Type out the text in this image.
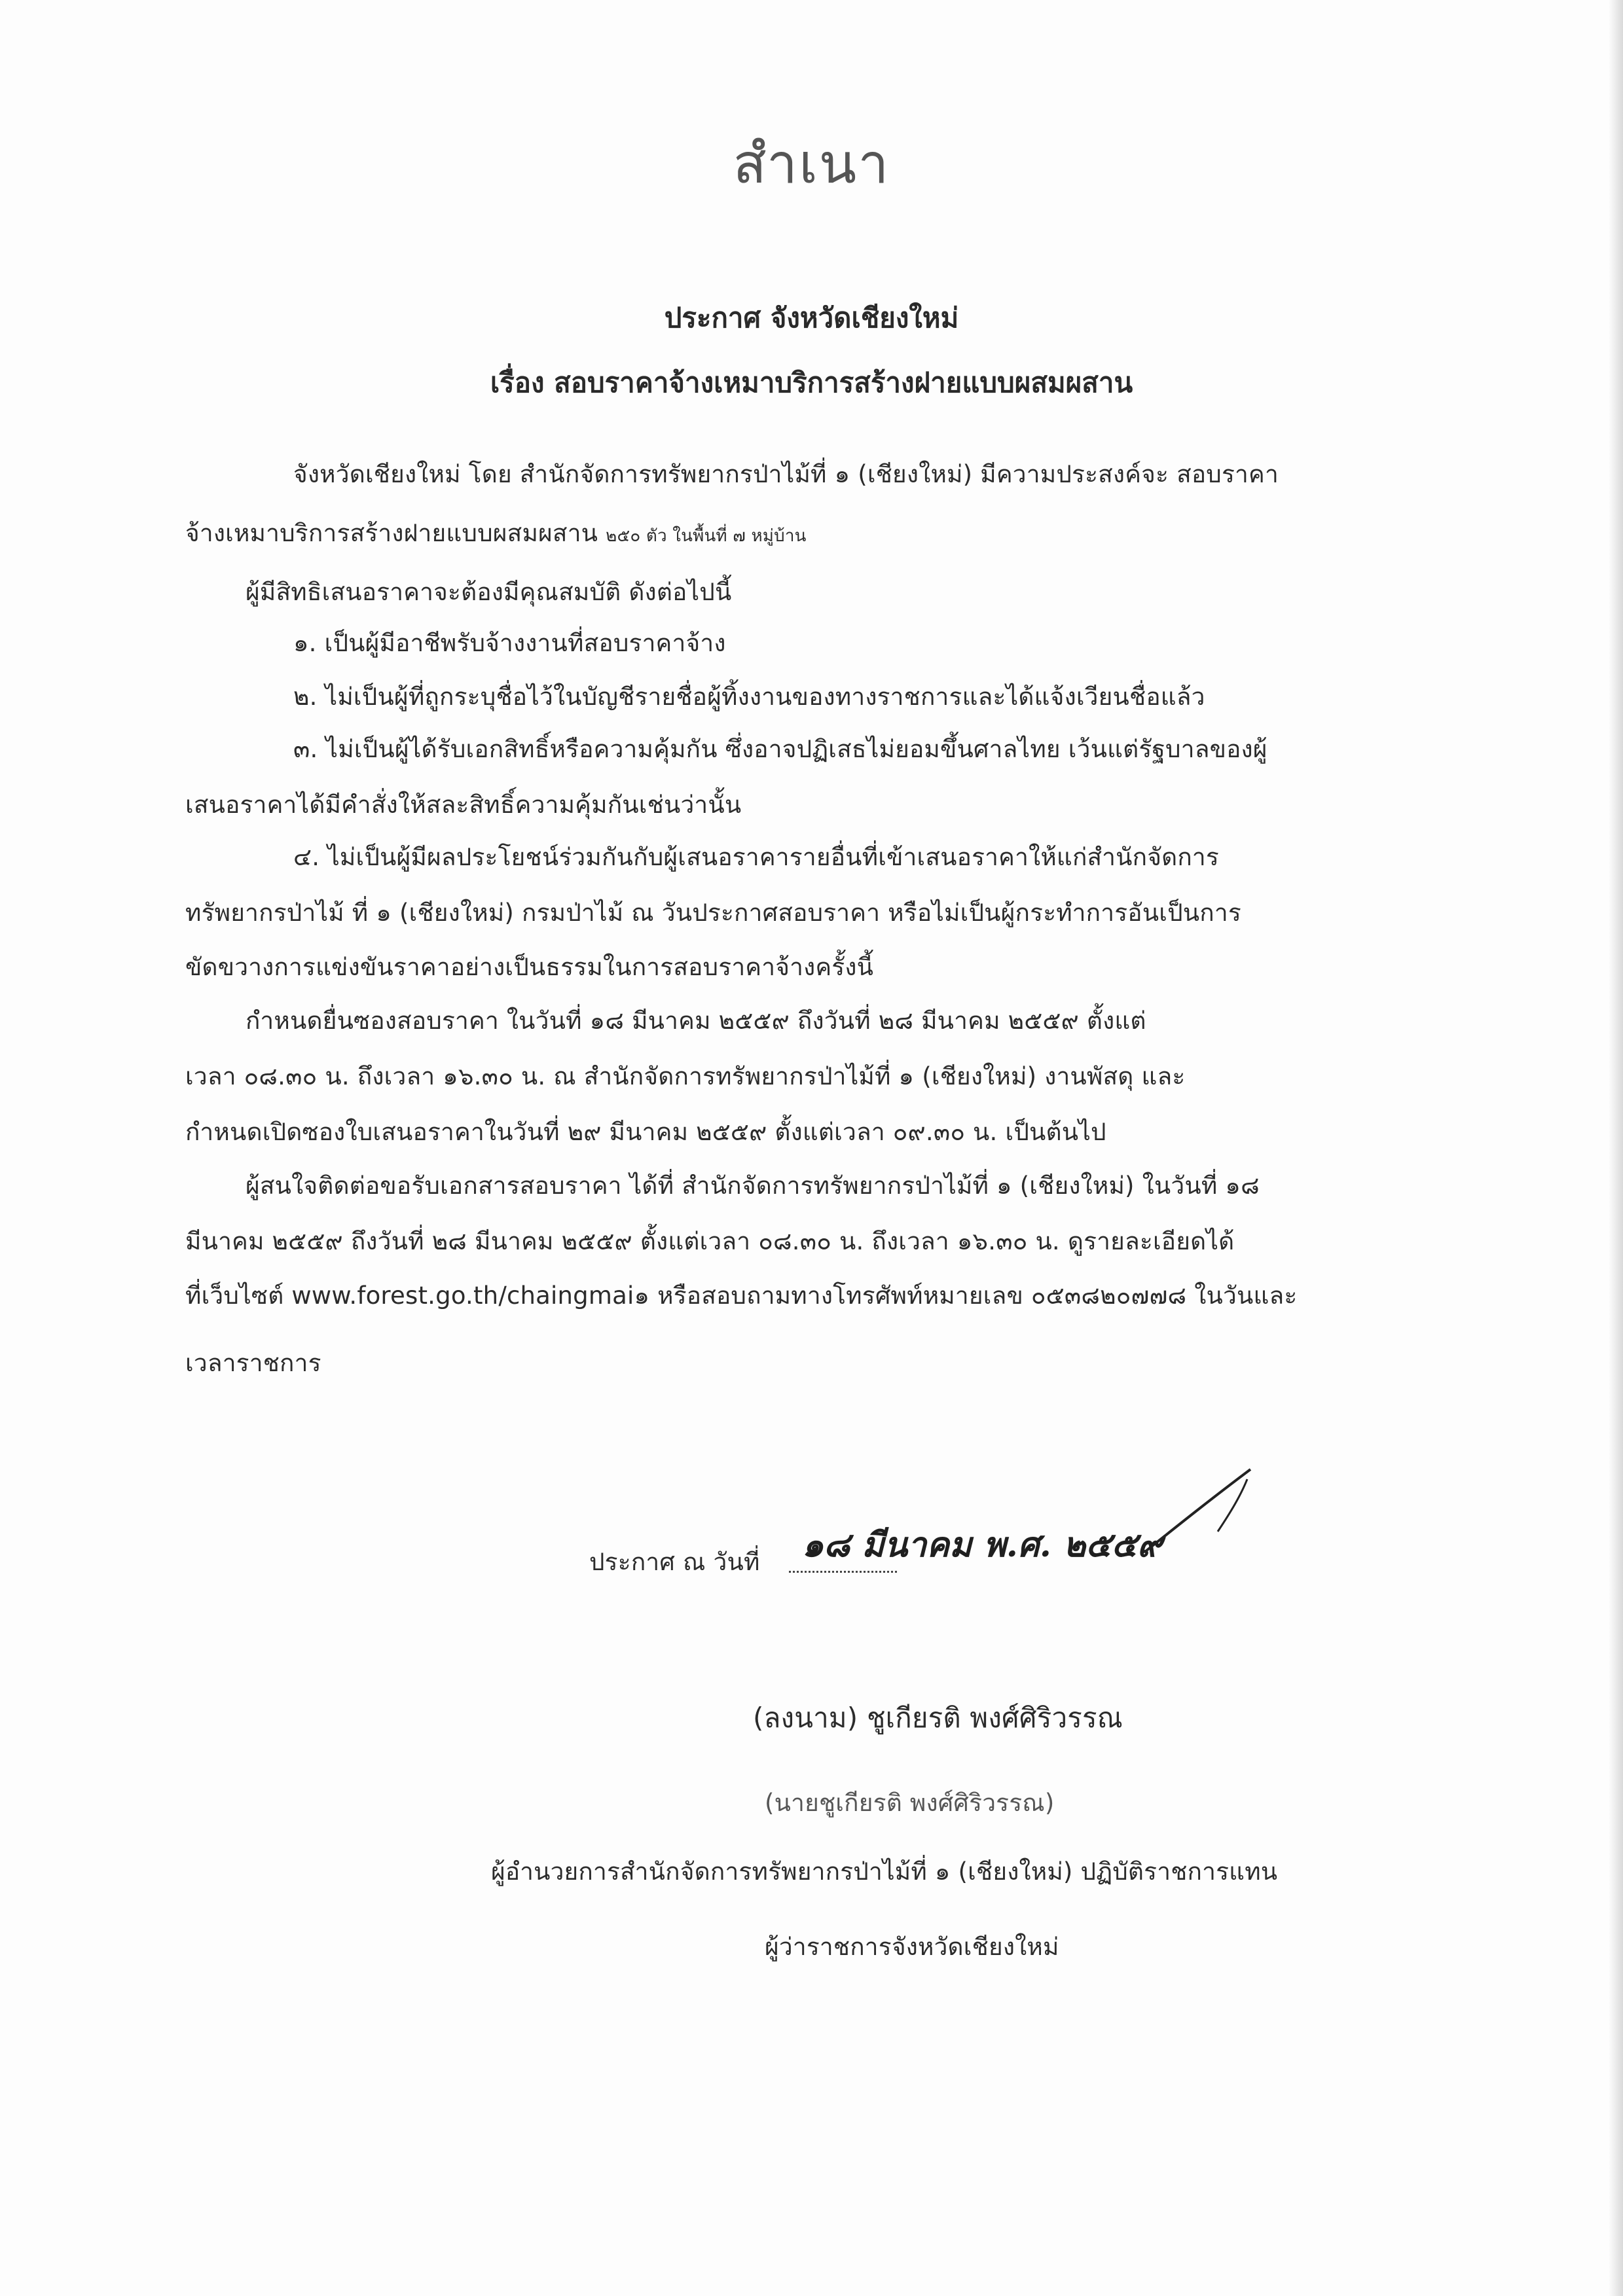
สำเนา
ประกาศ จังหวัดเชียงใหม่
เรื่อง สอบราคาจ้างเหมาบริการสร้างฝายแบบผสมผสาน
จังหวัดเชียงใหม่ โดย สำนักจัดการทรัพยากรป่าไม้ที่ ๑ (เชียงใหม่) มีความประสงค์จะ สอบราคา
จ้างเหมาบริการสร้างฝายแบบผสมผสาน ๒๕๐ ตัว ในพื้นที่ ๗ หมู่บ้าน
ผู้มีสิทธิเสนอราคาจะต้องมีคุณสมบัติ ดังต่อไปนี้
๑. เป็นผู้มีอาชีพรับจ้างงานที่สอบราคาจ้าง
๒. ไม่เป็นผู้ที่ถูกระบุชื่อไว้ในบัญชีรายชื่อผู้ทิ้งงานของทางราชการและได้แจ้งเวียนชื่อแล้ว
๓. ไม่เป็นผู้ได้รับเอกสิทธิ์หรือความคุ้มกัน ซึ่งอาจปฏิเสธไม่ยอมขึ้นศาลไทย เว้นแต่รัฐบาลของผู้
เสนอราคาได้มีคำสั่งให้สละสิทธิ์ความคุ้มกันเช่นว่านั้น
๔. ไม่เป็นผู้มีผลประโยชน์ร่วมกันกับผู้เสนอราคารายอื่นที่เข้าเสนอราคาให้แก่สำนักจัดการ
ทรัพยากรป่าไม้ ที่ ๑ (เชียงใหม่) กรมป่าไม้ ณ วันประกาศสอบราคา หรือไม่เป็นผู้กระทำการอันเป็นการ
ขัดขวางการแข่งขันราคาอย่างเป็นธรรมในการสอบราคาจ้างครั้งนี้
กำหนดยื่นซองสอบราคา ในวันที่ ๑๘ มีนาคม ๒๕๕๙ ถึงวันที่ ๒๘ มีนาคม ๒๕๕๙ ตั้งแต่
เวลา ๐๘.๓๐ น. ถึงเวลา ๑๖.๓๐ น. ณ สำนักจัดการทรัพยากรป่าไม้ที่ ๑ (เชียงใหม่) งานพัสดุ และ
กำหนดเปิดซองใบเสนอราคาในวันที่ ๒๙ มีนาคม ๒๕๕๙ ตั้งแต่เวลา ๐๙.๓๐ น. เป็นต้นไป
ผู้สนใจติดต่อขอรับเอกสารสอบราคา ได้ที่ สำนักจัดการทรัพยากรป่าไม้ที่ ๑ (เชียงใหม่) ในวันที่ ๑๘
มีนาคม ๒๕๕๙ ถึงวันที่ ๒๘ มีนาคม ๒๕๕๙ ตั้งแต่เวลา ๐๘.๓๐ น. ถึงเวลา ๑๖.๓๐ น. ดูรายละเอียดได้
ที่เว็บไซต์ www.forest.go.th/chaingmai๑ หรือสอบถามทางโทรศัพท์หมายเลข ๐๕๓๘๒๐๗๗๘ ในวันและ
เวลาราชการ
ประกาศ ณ วันที่ ๑๘ มีนาคม พ.ศ. ๒๕๕๙
(ลงนาม) ชูเกียรติ พงศ์ศิริวรรณ
(นายชูเกียรติ พงศ์ศิริวรรณ)
ผู้อำนวยการสำนักจัดการทรัพยากรป่าไม้ที่ ๑ (เชียงใหม่) ปฏิบัติราชการแทน
ผู้ว่าราชการจังหวัดเชียงใหม่
